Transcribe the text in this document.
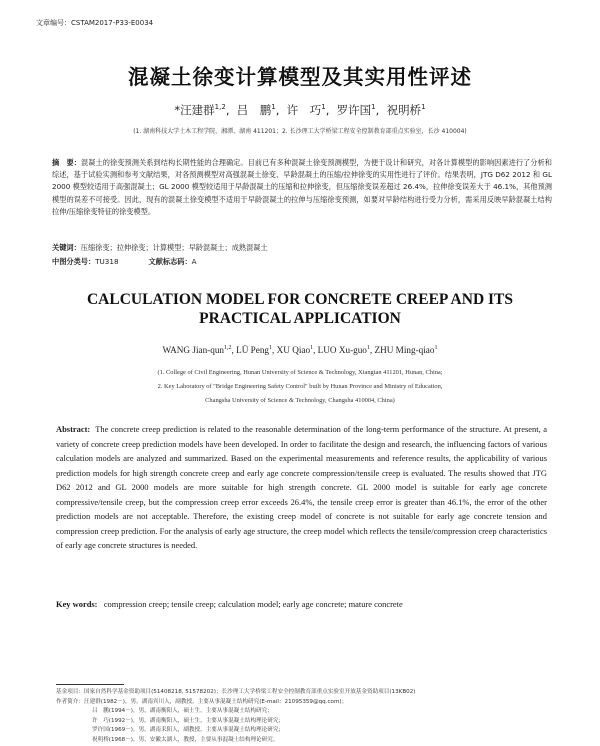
文章编号：CSTAM2017-P33-E0034
混凝土徐变计算模型及其实用性评述
*汪建群$^{1,2}$,  吕　鹏$^1$,  许　巧$^1$,  罗许国$^1$,  祝明桥$^1$
(1. 湖南科技大学土木工程学院，湘潭，湖南 411201；2. 长沙理工大学桥梁工程安全控制教育部重点实验室，长沙 410004)
摘　要：混凝土的徐变预测关系到结构长期性能的合理确定。目前已有多种混凝土徐变预测模型，为便于设计和研究，对各计算模型的影响因素进行了分析和综述，基于试验实测和参考文献结果，对各预测模型对高强混凝土徐变、早龄混凝土的压缩/拉伸徐变的实用性进行了评价。结果表明，JTG D62 2012 和 GL 2000 模型较适用于高强混凝土；GL 2000 模型较适用于早龄混凝土的压缩和拉伸徐变，但压缩徐变误差超过 26.4%，拉伸徐变误差大于 46.1%，其他预测模型的误差不可接受。因此，现有的混凝土徐变模型不适用于早龄混凝土的拉伸与压缩徐变预测，如要对早龄结构进行受力分析，需采用反映早龄混凝土结构拉伸/压缩徐变特征的徐变模型。
关键词：压缩徐变；拉伸徐变；计算模型；早龄混凝土；成熟混凝土
中图分类号：TU318	文献标志码：A
CALCULATION MODEL FOR CONCRETE CREEP AND ITS PRACTICAL APPLICATION
WANG Jian-qun$^{1,2}$, LÜ Peng$^1$, XU Qiao$^1$, LUO Xu-guo$^1$, ZHU Ming-qiao$^1$
(1. College of Civil Engineering, Hunan University of Science & Technology, Xiangtan 411201, Hunan, China;
2. Key Laboratory of "Bridge Engineering Safety Control" built by Hunan Province and Ministry of Education,
Changsha University of Science & Technology, Changsha 410004, China)
Abstract: The concrete creep prediction is related to the reasonable determination of the long-term performance of the structure. At present, a variety of concrete creep prediction models have been developed. In order to facilitate the design and research, the influencing factors of various calculation models are analyzed and summarized. Based on the experimental measurements and reference results, the applicability of various prediction models for high strength concrete creep and early age concrete compression/tensile creep is evaluated. The results showed that JTG D62 2012 and GL 2000 models are more suitable for high strength concrete. GL 2000 model is suitable for early age concrete compressive/tensile creep, but the compression creep error exceeds 26.4%, the tensile creep error is greater than 46.1%, the error of the other prediction models are not acceptable. Therefore, the existing creep model of concrete is not suitable for early age concrete tension and compression creep prediction. For the analysis of early age structure, the creep model which reflects the tensile/compression creep characteristics of early age concrete structures is needed.
Key words: compression creep; tensile creep; calculation model; early age concrete; mature concrete
基金项目：国家自然科学基金资助项目(51408218, 51578202)；长沙理工大学桥梁工程安全控制教育部重点实验室开放基金资助项目(13KB02)
作者简介：汪建群(1982－)，男，湖南宾川人，副教授，主要从事混凝土结构研究(E-mail：21095359@qq.com)；
吕　鹏(1994－)，男，湖南衡阳人，硕士生，主要从事混凝土结构研究；
许　巧(1992－)，男，湖南衡阳人，硕士生，主要从事混凝土结构理论研究；
罗许国(1969－)，男，湖南耒阳人，副教授，主要从事混凝土结构理论研究；
祝明桥(1968－)，男，安徽太湖人，教授，主要从事混凝土结构理论研究。
